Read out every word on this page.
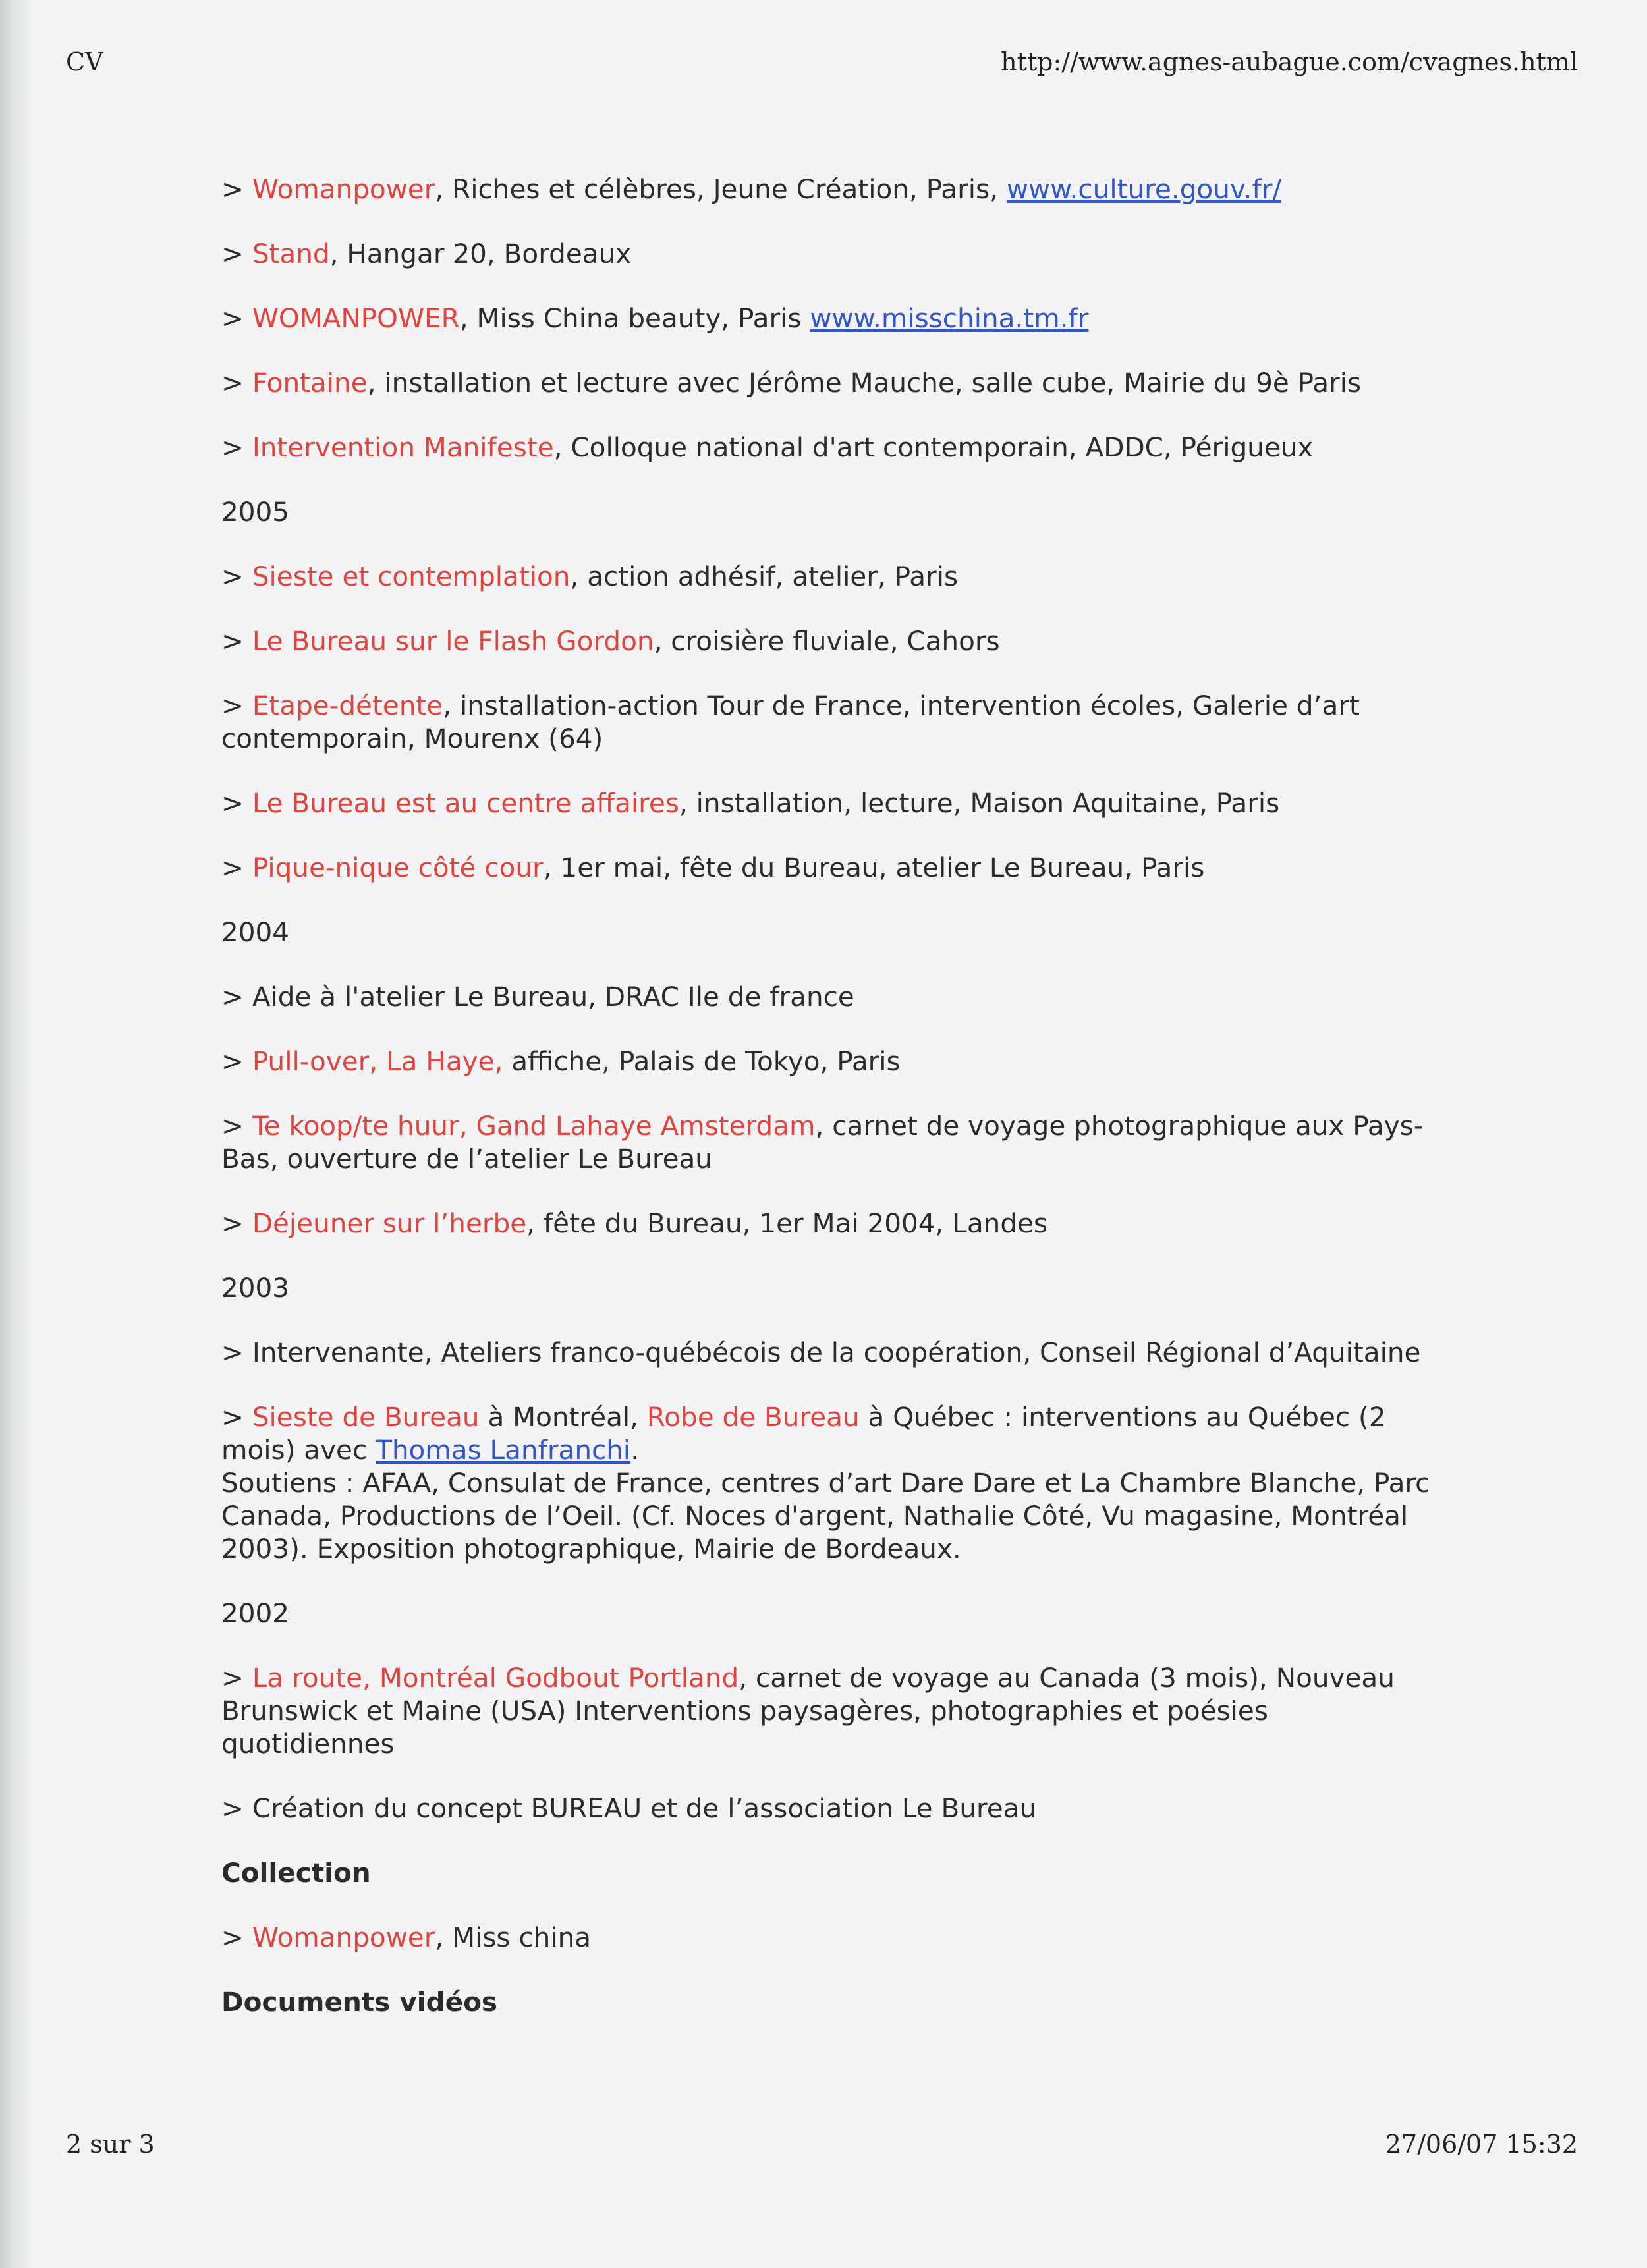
CV	http://www.agnes-aubague.com/cvagnes.html

> Womanpower, Riches et célèbres, Jeune Création, Paris, www.culture.gouv.fr/

> Stand, Hangar 20, Bordeaux

> WOMANPOWER, Miss China beauty, Paris www.misschina.tm.fr

> Fontaine, installation et lecture avec Jérôme Mauche, salle cube, Mairie du 9è Paris

> Intervention Manifeste, Colloque national d'art contemporain, ADDC, Périgueux

2005

> Sieste et contemplation, action adhésif, atelier, Paris

> Le Bureau sur le Flash Gordon, croisière fluviale, Cahors

> Etape-détente, installation-action Tour de France, intervention écoles, Galerie d’art contemporain, Mourenx (64)

> Le Bureau est au centre affaires, installation, lecture, Maison Aquitaine, Paris

> Pique-nique côté cour, 1er mai, fête du Bureau, atelier Le Bureau, Paris

2004

> Aide à l'atelier Le Bureau, DRAC Ile de france

> Pull-over, La Haye, affiche, Palais de Tokyo, Paris

> Te koop/te huur, Gand Lahaye Amsterdam, carnet de voyage photographique aux Pays-Bas, ouverture de l’atelier Le Bureau

> Déjeuner sur l’herbe, fête du Bureau, 1er Mai 2004, Landes

2003

> Intervenante, Ateliers franco-québécois de la coopération, Conseil Régional d’Aquitaine

> Sieste de Bureau à Montréal, Robe de Bureau à Québec : interventions au Québec (2 mois) avec Thomas Lanfranchi.
Soutiens : AFAA, Consulat de France, centres d’art Dare Dare et La Chambre Blanche, Parc Canada, Productions de l’Oeil. (Cf. Noces d'argent, Nathalie Côté, Vu magasine, Montréal 2003). Exposition photographique, Mairie de Bordeaux.

2002

> La route, Montréal Godbout Portland, carnet de voyage au Canada (3 mois), Nouveau Brunswick et Maine (USA) Interventions paysagères, photographies et poésies quotidiennes

> Création du concept BUREAU et de l’association Le Bureau

Collection

> Womanpower, Miss china

Documents vidéos

2 sur 3	27/06/07 15:32
